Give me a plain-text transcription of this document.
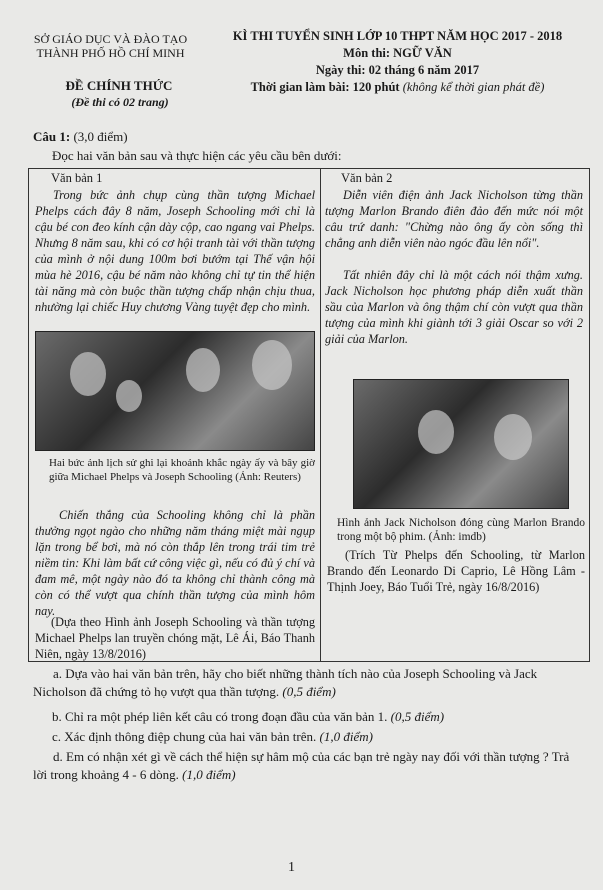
SỞ GIÁO DỤC VÀ ĐÀO TẠO
THÀNH PHỐ HỒ CHÍ MINH
ĐỀ CHÍNH THỨC
(Đề thi có 02 trang)
KÌ THI TUYỂN SINH LỚP 10 THPT NĂM HỌC 2017 - 2018
Môn thi: NGỮ VĂN
Ngày thi: 02 tháng 6 năm 2017
Thời gian làm bài: 120 phút (không kể thời gian phát đề)
Câu 1: (3,0 điểm)
Đọc hai văn bản sau và thực hiện các yêu cầu bên dưới:
Văn bản 1
Trong bức ảnh chụp cùng thần tượng Michael Phelps cách đây 8 năm, Joseph Schooling mới chỉ là cậu bé con đeo kính cận dày cộp, cao ngang vai Phelps. Nhưng 8 năm sau, khi có cơ hội tranh tài với thần tượng của mình ở nội dung 100m bơi bướm tại Thế vận hội mùa hè 2016, cậu bé năm nào không chỉ tự tin thể hiện tài năng mà còn buộc thần tượng chấp nhận chịu thua, nhường lại chiếc Huy chương Vàng tuyệt đẹp cho mình.
Hai bức ảnh lịch sử ghi lại khoảnh khắc ngày ấy và bây giờ giữa Michael Phelps và Joseph Schooling (Ảnh: Reuters)
Chiến thắng của Schooling không chỉ là phần thưởng ngọt ngào cho những năm tháng miệt mài ngụp lặn trong bể bơi, mà nó còn thắp lên trong trái tim trẻ niềm tin: Khi làm bất cứ công việc gì, nếu có đủ ý chí và đam mê, một ngày nào đó ta không chỉ thành công mà còn có thể vượt qua chính thần tượng của mình hôm nay.
(Dựa theo Hình ảnh Joseph Schooling và thần tượng Michael Phelps lan truyền chóng mặt, Lê Ái, Báo Thanh Niên, ngày 13/8/2016)
Văn bản 2
Diễn viên điện ảnh Jack Nicholson từng thần tượng Marlon Brando điên đảo đến mức nói một câu trứ danh: "Chừng nào ông ấy còn sống thì chẳng anh diễn viên nào ngóc đầu lên nổi".
Tất nhiên đây chỉ là một cách nói thậm xưng. Jack Nicholson học phương pháp diễn xuất thần sầu của Marlon và ông thậm chí còn vượt qua thần tượng của mình khi giành tới 3 giải Oscar so với 2 giải của Marlon.
Hình ảnh Jack Nicholson đóng cùng Marlon Brando trong một bộ phim. (Ảnh: imdb)
(Trích Từ Phelps đến Schooling, từ Marlon Brando đến Leonardo Di Caprio, Lê Hồng Lâm - Thịnh Joey, Báo Tuổi Trẻ, ngày 16/8/2016)
a. Dựa vào hai văn bản trên, hãy cho biết những thành tích nào của Joseph Schooling và Jack Nicholson đã chứng tỏ họ vượt qua thần tượng. (0,5 điểm)
b. Chỉ ra một phép liên kết câu có trong đoạn đầu của văn bản 1. (0,5 điểm)
c. Xác định thông điệp chung của hai văn bản trên. (1,0 điểm)
d. Em có nhận xét gì về cách thể hiện sự hâm mộ của các bạn trẻ ngày nay đối với thần tượng ? Trả lời trong khoảng 4 - 6 dòng. (1,0 điểm)
1
